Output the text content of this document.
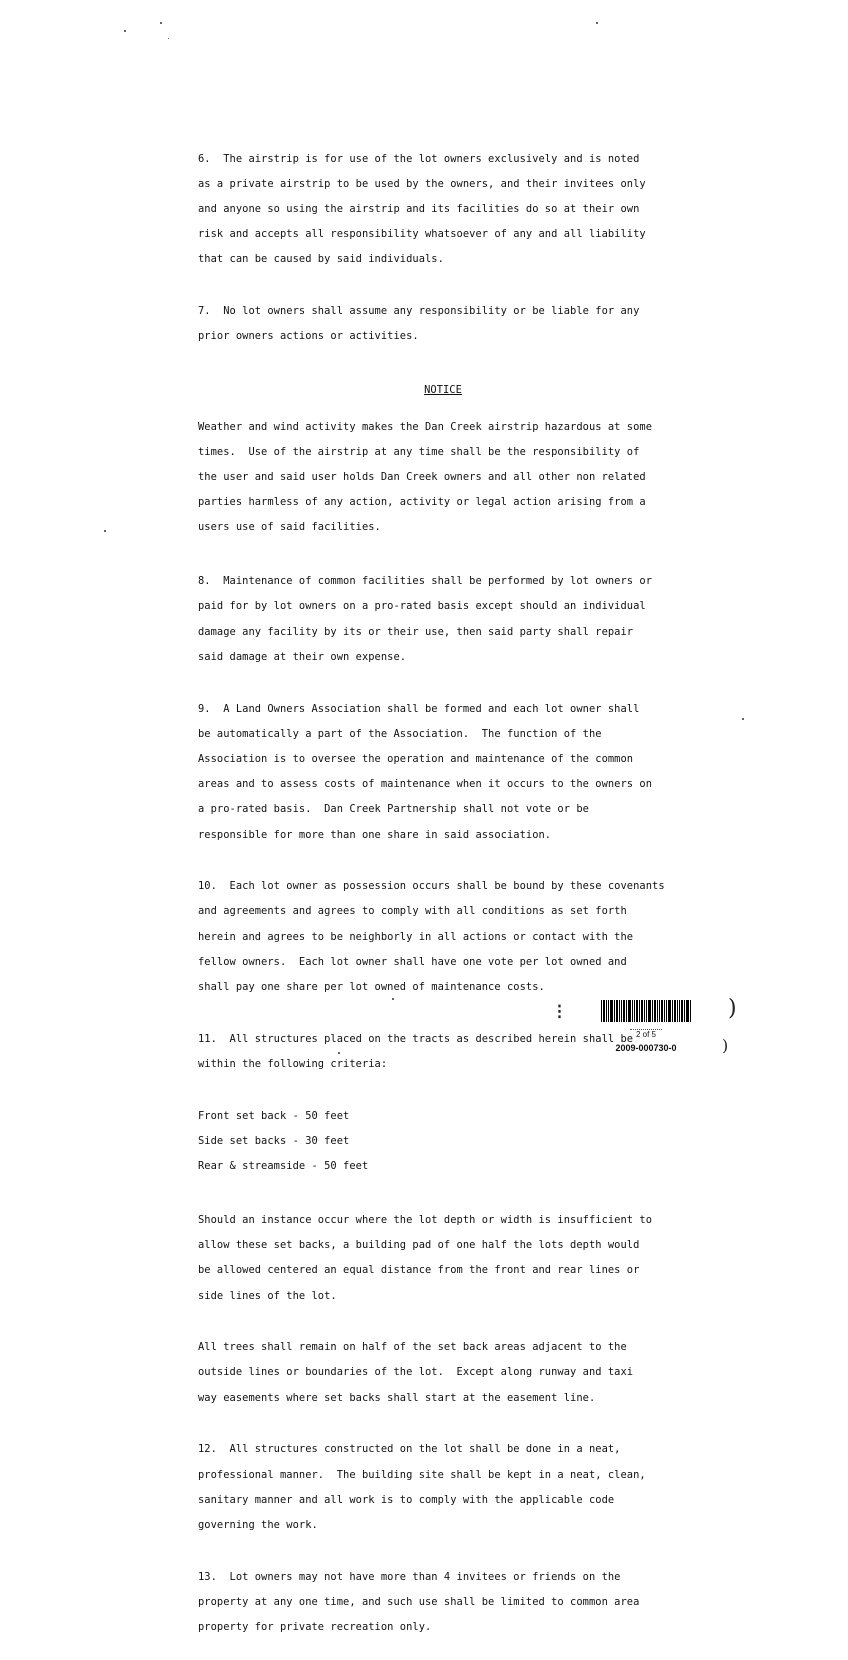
6.  The airstrip is for use of the lot owners exclusively and is noted

as a private airstrip to be used by the owners, and their invitees only

and anyone so using the airstrip and its facilities do so at their own

risk and accepts all responsibility whatsoever of any and all liability

that can be caused by said individuals.

7.  No lot owners shall assume any responsibility or be liable for any

prior owners actions or activities.

NOTICE

Weather and wind activity makes the Dan Creek airstrip hazardous at some

times.  Use of the airstrip at any time shall be the responsibility of

the user and said user holds Dan Creek owners and all other non related

parties harmless of any action, activity or legal action arising from a

users use of said facilities.

8.  Maintenance of common facilities shall be performed by lot owners or

paid for by lot owners on a pro-rated basis except should an individual

damage any facility by its or their use, then said party shall repair

said damage at their own expense.

9.  A Land Owners Association shall be formed and each lot owner shall

be automatically a part of the Association.  The function of the

Association is to oversee the operation and maintenance of the common

areas and to assess costs of maintenance when it occurs to the owners on

a pro-rated basis.  Dan Creek Partnership shall not vote or be

responsible for more than one share in said association.

10.  Each lot owner as possession occurs shall be bound by these covenants

and agreements and agrees to comply with all conditions as set forth

herein and agrees to be neighborly in all actions or contact with the

fellow owners.  Each lot owner shall have one vote per lot owned and

shall pay one share per lot owned of maintenance costs.

11.  All structures placed on the tracts as described herein shall be

within the following criteria:

Front set back - 50 feet

Side set backs - 30 feet

Rear & streamside - 50 feet

Should an instance occur where the lot depth or width is insufficient to

allow these set backs, a building pad of one half the lots depth would

be allowed centered an equal distance from the front and rear lines or

side lines of the lot.

All trees shall remain on half of the set back areas adjacent to the

outside lines or boundaries of the lot.  Except along runway and taxi

way easements where set backs shall start at the easement line.

12.  All structures constructed on the lot shall be done in a neat,

professional manner.  The building site shall be kept in a neat, clean,

sanitary manner and all work is to comply with the applicable code

governing the work.

13.  Lot owners may not have more than 4 invitees or friends on the

property at any one time, and such use shall be limited to common area

property for private recreation only.

2 of 5
2009-000730-0
⁝	)
)
